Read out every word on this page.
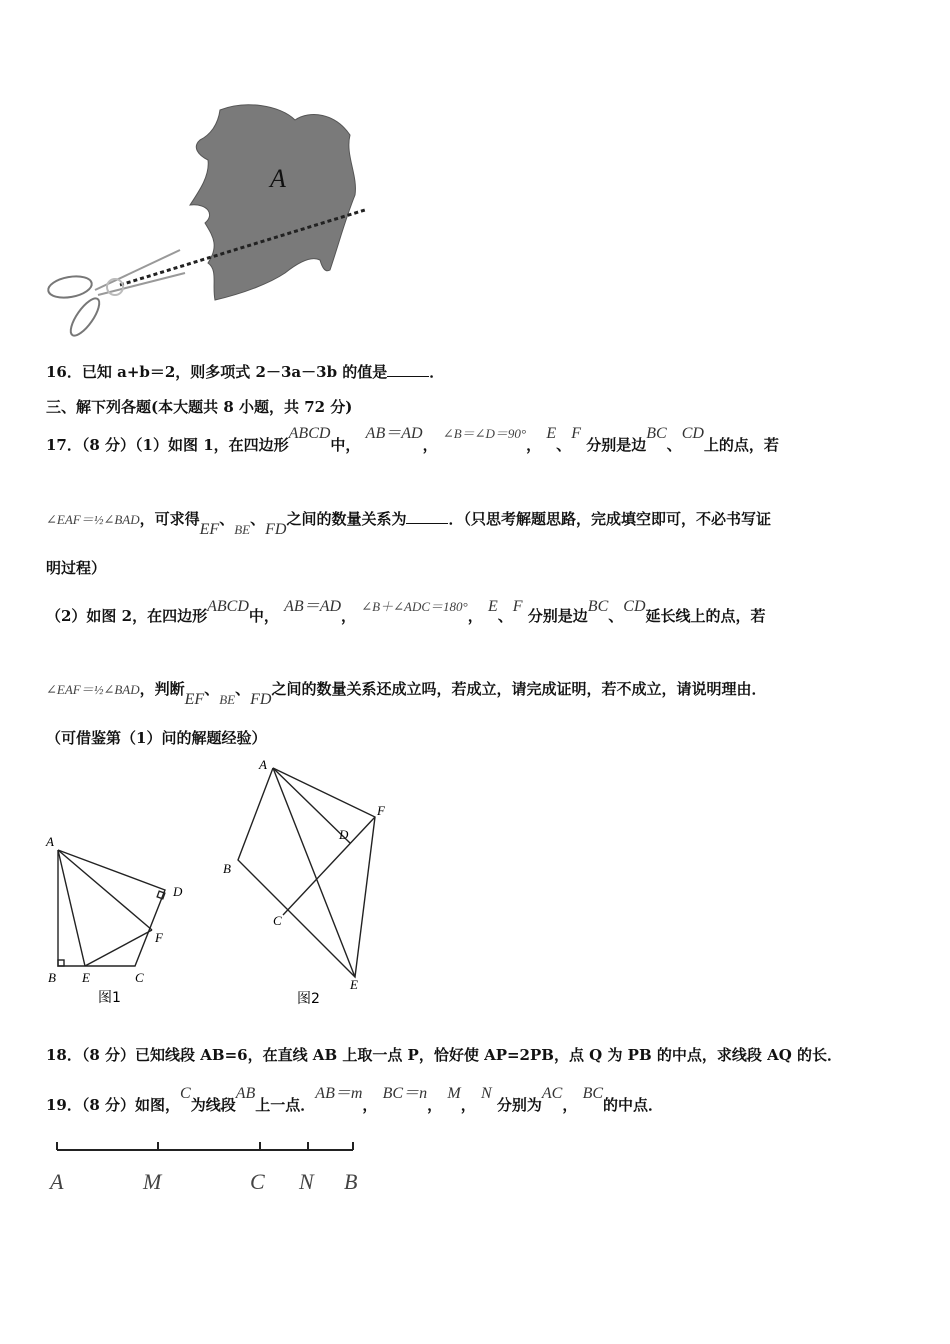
A
16．已知 a+b＝2，则多项式 2－3a－3b 的值是	．
三、解下列各题(本大题共 8 小题，共 72 分)
17．（8 分）（1）如图 1，在四边形ABCD中， AB＝AD， ∠B＝∠D＝90°， E、F 分别是边BC、CD上的点，若
∠EAF＝½∠BAD，可求得EF、BE、FD之间的数量关系为	．（只思考解题思路，完成填空即可，不必书写证
明过程）
（2）如图 2，在四边形ABCD中， AB＝AD， ∠B＋∠ADC＝180°， E、F 分别是边BC、CD延长线上的点，若
∠EAF＝½∠BAD，判断EF、BE、FD之间的数量关系还成立吗，若成立，请完成证明，若不成立，请说明理由．
（可借鉴第（1）问的解题经验）
A
B E	C
D
F
图1
A
B
C
D
E
F
图2
18．（8 分）已知线段 AB=6，在直线 AB 上取一点 P，恰好使 AP=2PB，点 Q 为 PB 的中点，求线段 AQ 的长．
19．（8 分）如图，C为线段AB上一点．AB＝m， BC＝n， M， N 分别为AC， BC的中点．
A	M	C N B
